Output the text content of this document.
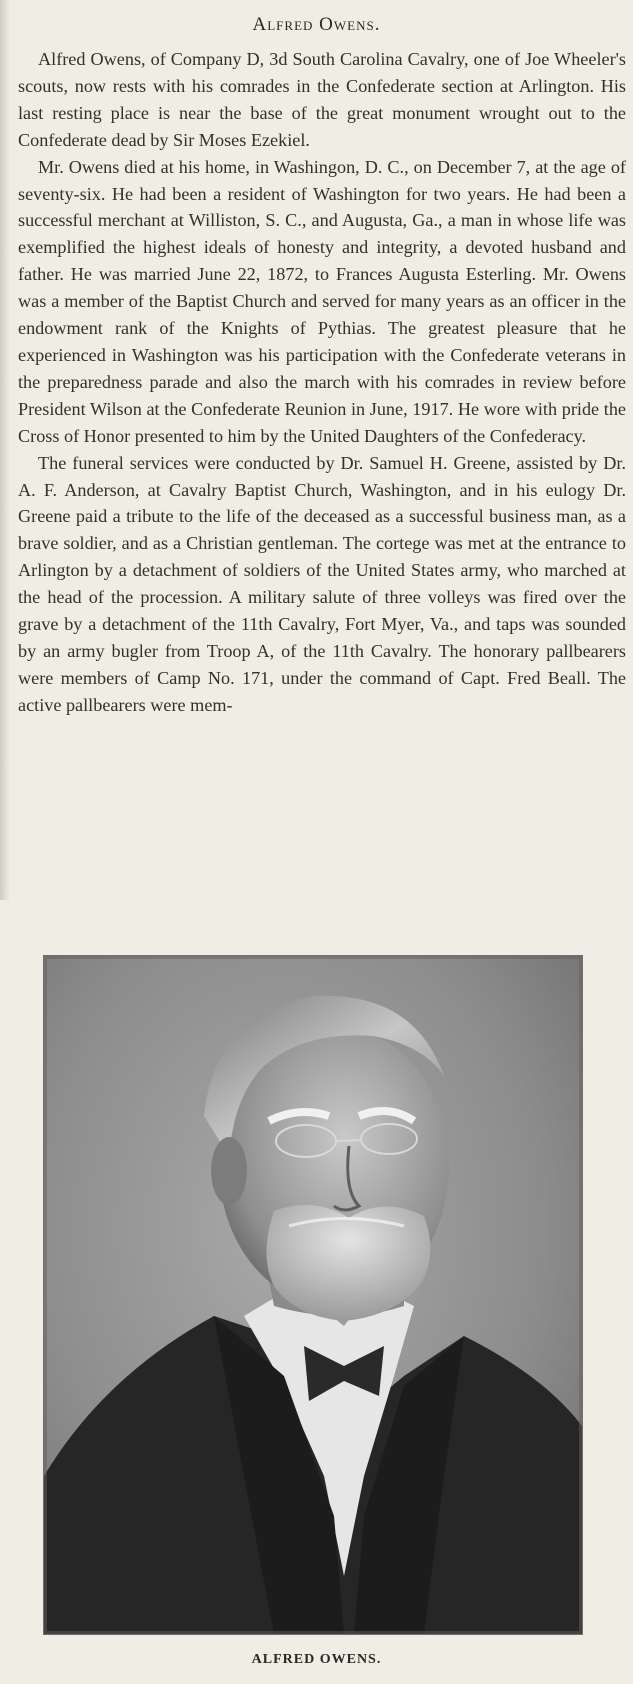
Alfred Owens.

Alfred Owens, of Company D, 3d South Carolina Cavalry, one of Joe Wheeler's scouts, now rests with his comrades in the Confederate section at Arlington. His last resting place is near the base of the great monument wrought out to the Confederate dead by Sir Moses Ezekiel.

Mr. Owens died at his home, in Washingon, D. C., on December 7, at the age of seventy-six. He had been a resident of Washington for two years. He had been a successful merchant at Williston, S. C., and Augusta, Ga., a man in whose life was exemplified the highest ideals of honesty and integrity, a devoted husband and father. He was married June 22, 1872, to Frances Augusta Esterling. Mr. Owens was a member of the Baptist Church and served for many years as an officer in the endowment rank of the Knights of Pythias. The greatest pleasure that he experienced in Washington was his participation with the Confederate veterans in the preparedness parade and also the march with his comrades in review before President Wilson at the Confederate Reunion in June, 1917. He wore with pride the Cross of Honor presented to him by the United Daughters of the Confederacy.

The funeral services were conducted by Dr. Samuel H. Greene, assisted by Dr. A. F. Anderson, at Cavalry Baptist Church, Washington, and in his eulogy Dr. Greene paid a tribute to the life of the deceased as a successful business man, as a brave soldier, and as a Christian gentleman. The cortege was met at the entrance to Arlington by a detachment of soldiers of the United States army, who marched at the head of the procession. A military salute of three volleys was fired over the grave by a detachment of the 11th Cavalry, Fort Myer, Va., and taps was sounded by an army bugler from Troop A, of the 11th Cavalry. The honorary pallbearers were members of Camp No. 171, under the command of Capt. Fred Beall. The active pallbearers were mem-

ALFRED OWENS.
